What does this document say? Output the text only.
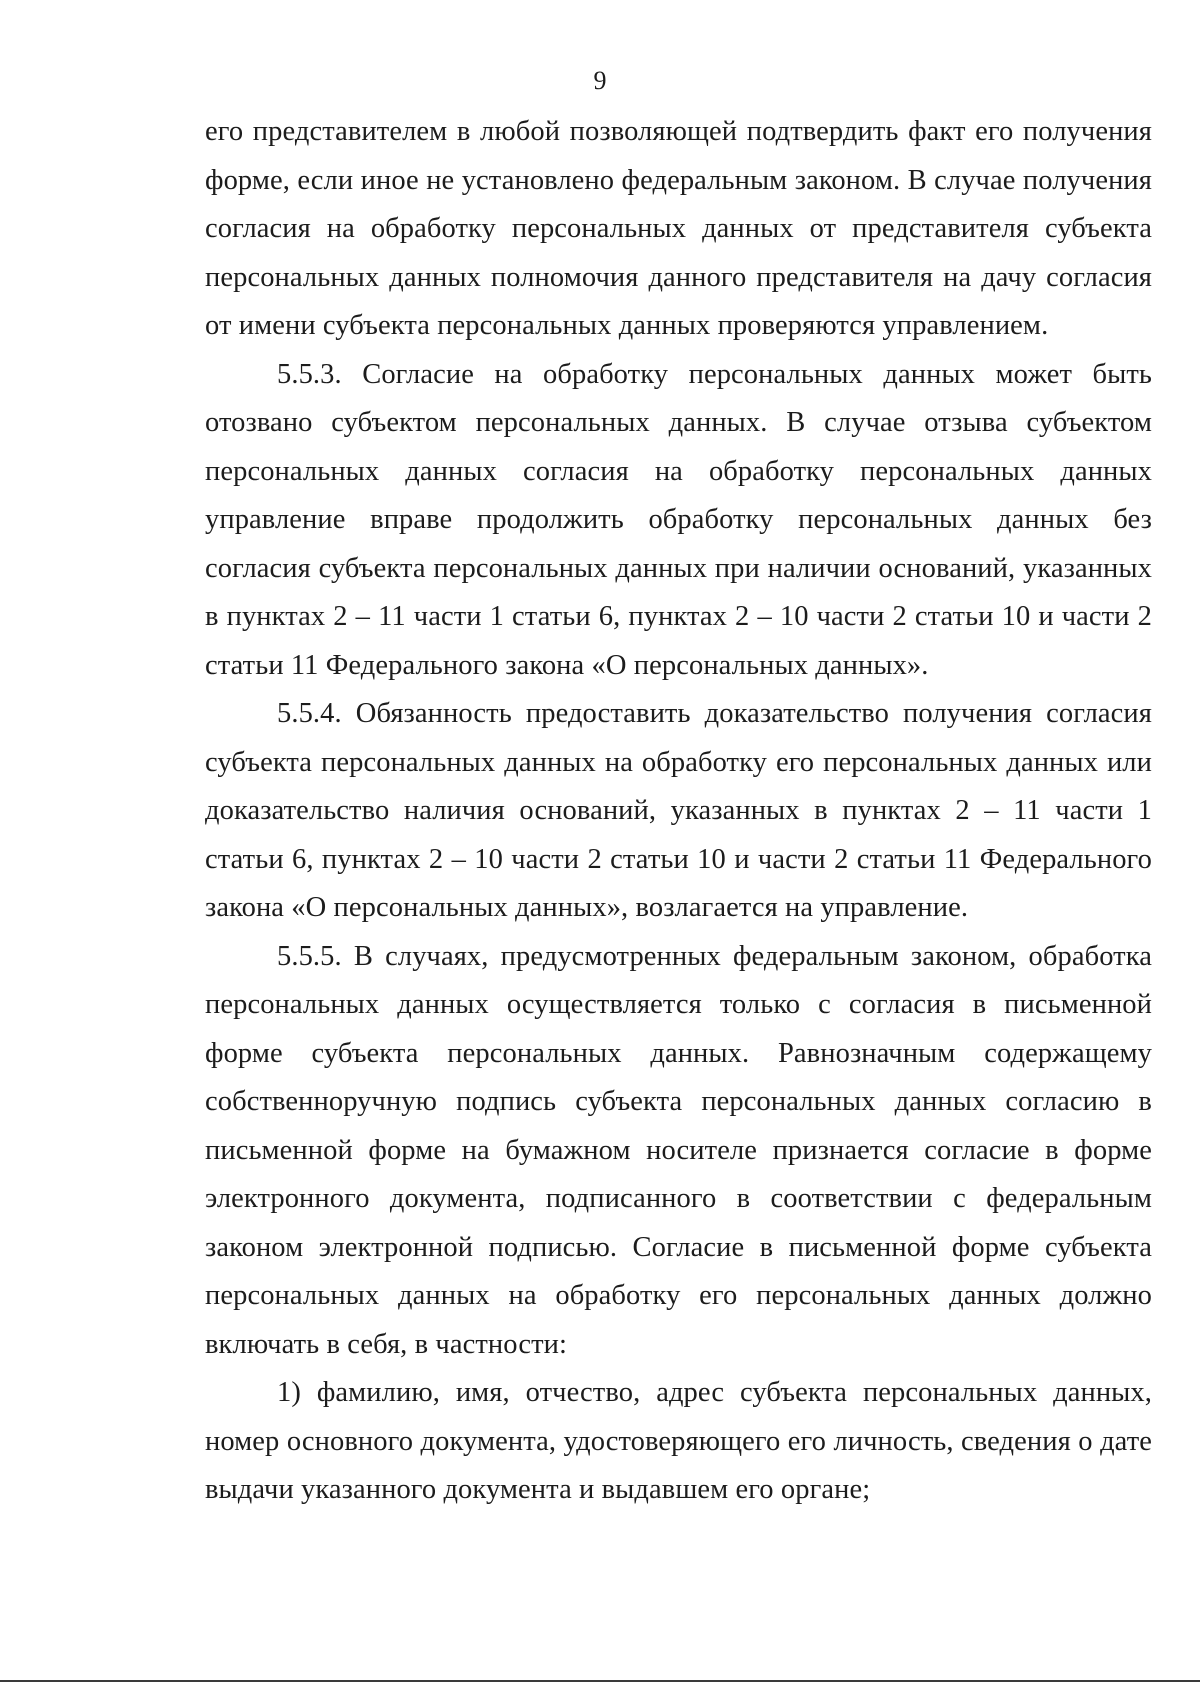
9

его представителем в любой позволяющей подтвердить факт его получения форме, если иное не установлено федеральным законом. В случае получения согласия на обработку персональных данных от представителя субъекта персональных данных полномочия данного представителя на дачу согласия от имени субъекта персональных данных проверяются управлением.

5.5.3. Согласие на обработку персональных данных может быть отозвано субъектом персональных данных. В случае отзыва субъектом персональных данных согласия на обработку персональных данных управление вправе продолжить обработку персональных данных без согласия субъекта персональных данных при наличии оснований, указанных в пунктах 2 – 11 части 1 статьи 6, пунктах 2 – 10 части 2 статьи 10 и части 2 статьи 11 Федерального закона «О персональных данных».

5.5.4. Обязанность предоставить доказательство получения согласия субъекта персональных данных на обработку его персональных данных или доказательство наличия оснований, указанных в пунктах 2 – 11 части 1 статьи 6, пунктах 2 – 10 части 2 статьи 10 и части 2 статьи 11 Федерального закона «О персональных данных», возлагается на управление.

5.5.5. В случаях, предусмотренных федеральным законом, обработка персональных данных осуществляется только с согласия в письменной форме субъекта персональных данных. Равнозначным содержащему собственноручную подпись субъекта персональных данных согласию в письменной форме на бумажном носителе признается согласие в форме электронного документа, подписанного в соответствии с федеральным законом электронной подписью. Согласие в письменной форме субъекта персональных данных на обработку его персональных данных должно включать в себя, в частности:

1) фамилию, имя, отчество, адрес субъекта персональных данных, номер основного документа, удостоверяющего его личность, сведения о дате выдачи указанного документа и выдавшем его органе;
